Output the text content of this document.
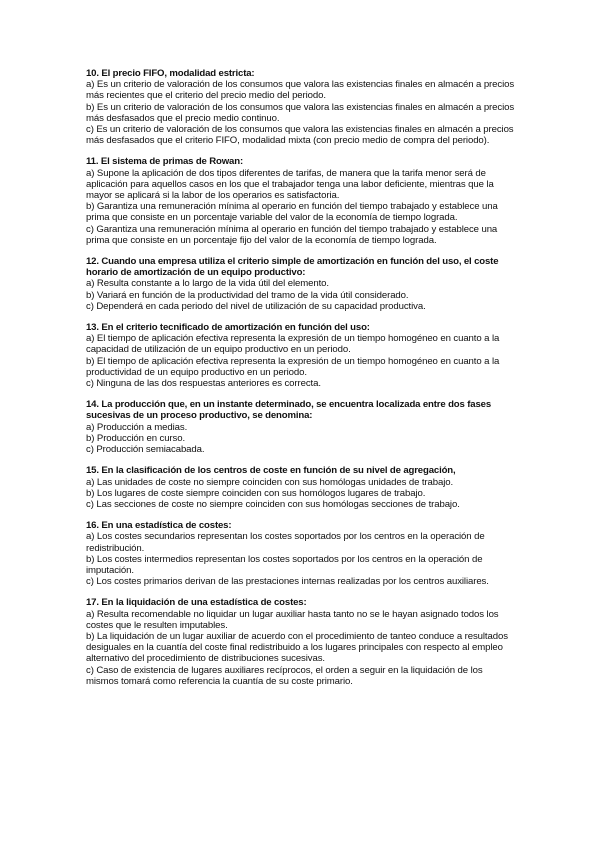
10. El precio FIFO, modalidad estricta:

a) Es un criterio de valoración de los consumos que valora las existencias finales en almacén a precios más recientes que el criterio del precio medio del periodo.

b) Es un criterio de valoración de los consumos que valora las existencias finales en almacén a precios más desfasados que el precio medio continuo.

c) Es un criterio de valoración de los consumos que valora las existencias finales en almacén a precios más desfasados que el criterio FIFO, modalidad mixta (con precio medio de compra del periodo).

11. El sistema de primas de Rowan:

a) Supone la aplicación de dos tipos diferentes de tarifas, de manera que la tarifa menor será de aplicación para aquellos casos en los que el trabajador tenga una labor deficiente, mientras que la mayor se aplicará si la labor de los operarios es satisfactoria.

b) Garantiza una remuneración mínima al operario en función del tiempo trabajado y establece una prima que consiste en un porcentaje variable del valor de la economía de tiempo lograda.

c) Garantiza una remuneración mínima al operario en función del tiempo trabajado y establece una prima que consiste en un porcentaje fijo del valor de la economía de tiempo lograda.

12. Cuando una empresa utiliza el criterio simple de amortización en función del uso, el coste horario de amortización de un equipo productivo:

a) Resulta constante a lo largo de la vida útil del elemento.

b) Variará en función de la productividad del tramo de la vida útil considerado.

c) Dependerá en cada periodo del nivel de utilización de su capacidad productiva.

13. En el criterio tecnificado de amortización en función del uso:

a) El tiempo de aplicación efectiva representa la expresión de un tiempo homogéneo en cuanto a la capacidad de utilización de un equipo productivo en un periodo.

b) El tiempo de aplicación efectiva representa la expresión de un tiempo homogéneo en cuanto a la productividad de un equipo productivo en un periodo.

c) Ninguna de las dos respuestas anteriores es correcta.

14. La producción que, en un instante determinado, se encuentra localizada entre dos fases sucesivas de un proceso productivo, se denomina:

a) Producción a medias.

b) Producción en curso.

c) Producción semiacabada.

15. En la clasificación de los centros de coste en función de su nivel de agregación,

a) Las unidades de coste no siempre coinciden con sus homólogas unidades de trabajo.

b) Los lugares de coste siempre coinciden con sus homólogos lugares de trabajo.

c) Las secciones de coste no siempre coinciden con sus homólogas secciones de trabajo.

16. En una estadística de costes:

a) Los costes secundarios representan los costes soportados por los centros en la operación de redistribución.

b) Los costes intermedios representan los costes soportados por los centros en la operación de imputación.

c) Los costes primarios derivan de las prestaciones internas realizadas por los centros auxiliares.

17. En la liquidación de una estadística de costes:

a) Resulta recomendable no liquidar un lugar auxiliar hasta tanto no se le hayan asignado todos los costes que le resulten imputables.

b) La liquidación de un lugar auxiliar de acuerdo con el procedimiento de tanteo conduce a resultados desiguales en la cuantía del coste final redistribuido a los lugares principales con respecto al empleo alternativo del procedimiento de distribuciones sucesivas.

c) Caso de existencia de lugares auxiliares recíprocos, el orden a seguir en la liquidación de los mismos tomará como referencia la cuantía de su coste primario.
